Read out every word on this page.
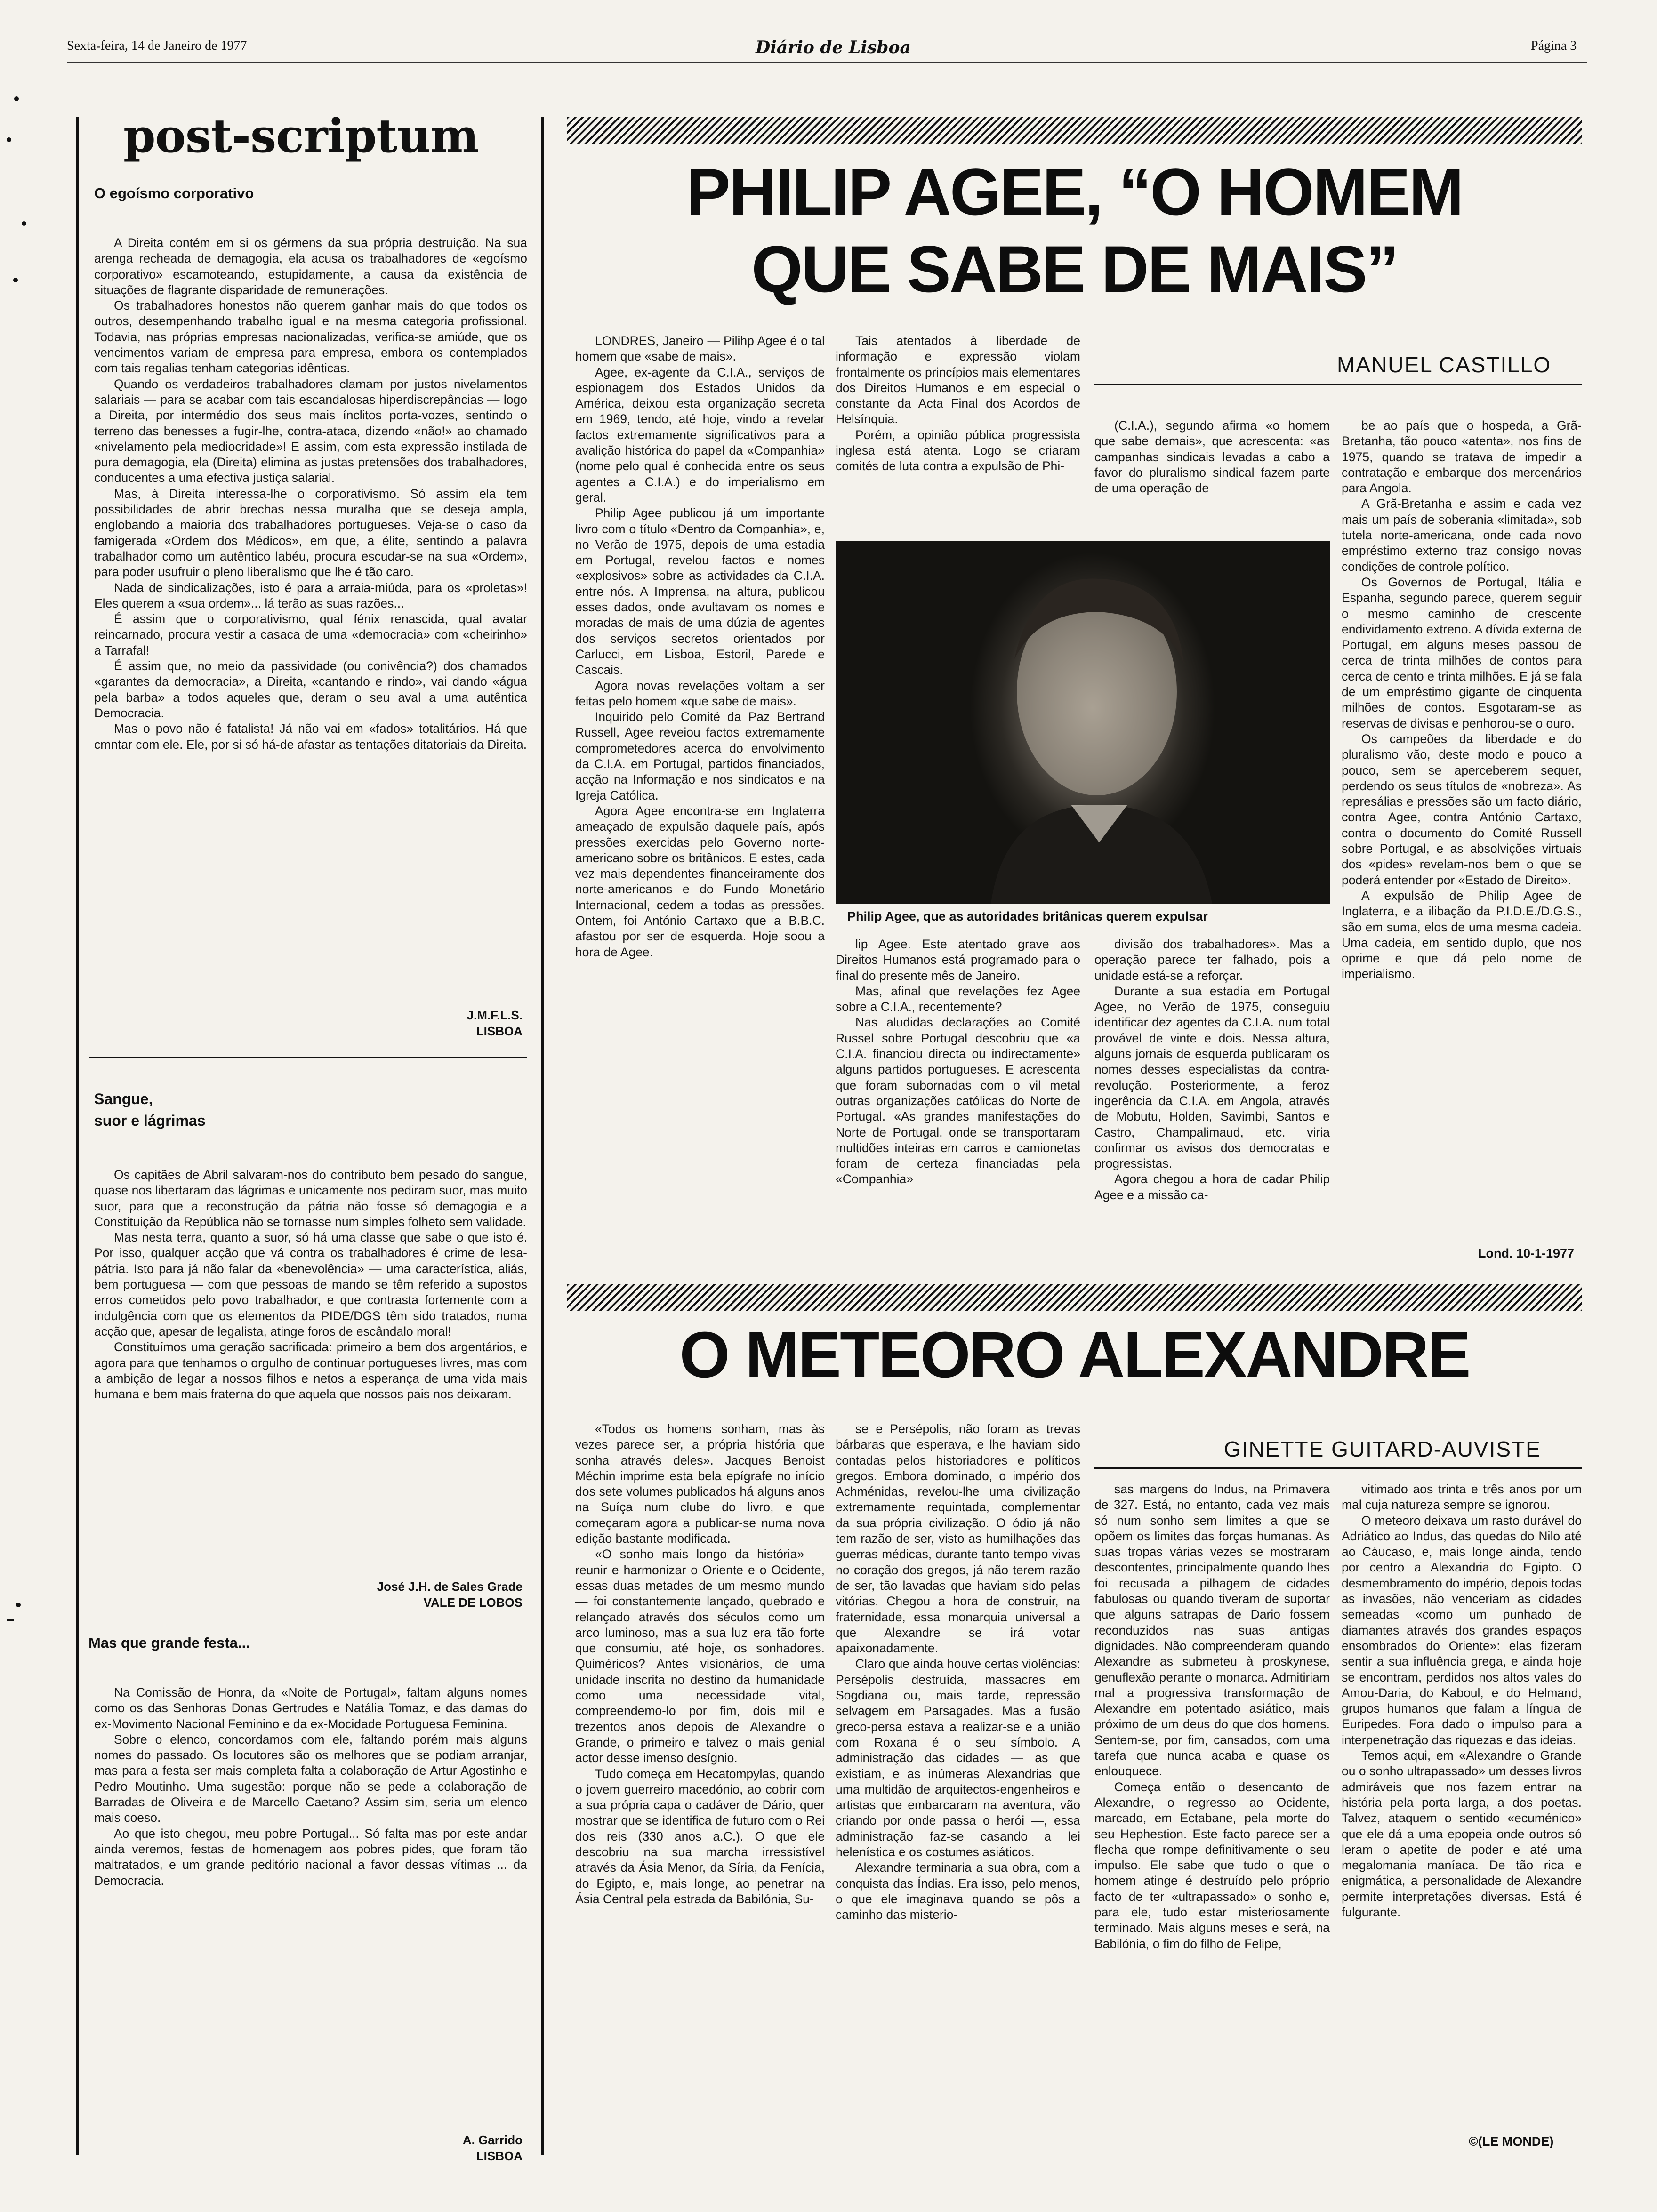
Sexta-feira, 14 de Janeiro de 1977	Diário de Lisboa	Página 3
post-scriptum
O egoísmo corporativo

A Direita contém em si os gérmens da sua própria destruição. Na sua arenga recheada de demagogia, ela acusa os trabalhadores de «egoísmo corporativo» escamoteando, estupidamente, a causa da existência de situações de flagrante disparidade de remunerações.

Os trabalhadores honestos não querem ganhar mais do que todos os outros, desempenhando trabalho igual e na mesma categoria profissional. Todavia, nas próprias empresas nacionalizadas, verifica-se amiúde, que os vencimentos variam de empresa para empresa, embora os contemplados com tais regalias tenham categorias idênticas.

Quando os verdadeiros trabalhadores clamam por justos nivelamentos salariais — para se acabar com tais escandalosas hiperdiscrepâncias — logo a Direita, por intermédio dos seus mais ínclitos porta-vozes, sentindo o terreno das benesses a fugir-lhe, contra-ataca, dizendo «não!» ao chamado «nivelamento pela mediocridade»! E assim, com esta expressão instilada de pura demagogia, ela (Direita) elimina as justas pretensões dos trabalhadores, conducentes a uma efectiva justiça salarial.

Mas, à Direita interessa-lhe o corporativismo. Só assim ela tem possibilidades de abrir brechas nessa muralha que se deseja ampla, englobando a maioria dos trabalhadores portugueses. Veja-se o caso da famigerada «Ordem dos Médicos», em que, a élite, sentindo a palavra trabalhador como um autêntico labéu, procura escudar-se na sua «Ordem», para poder usufruir o pleno liberalismo que lhe é tão caro.

Nada de sindicalizações, isto é para a arraia-miúda, para os «proletas»! Eles querem a «sua ordem»... lá terão as suas razões...

É assim que o corporativismo, qual fénix renascida, qual avatar reincarnado, procura vestir a casaca de uma «democracia» com «cheirinho» a Tarrafal!

É assim que, no meio da passividade (ou conivência?) dos chamados «garantes da democracia», a Direita, «cantando e rindo», vai dando «água pela barba» a todos aqueles que, deram o seu aval a uma autêntica Democracia.

Mas o povo não é fatalista! Já não vai em «fados» totalitários. Há que cmntar com ele. Ele, por si só há-de afastar as tentações ditatoriais da Direita.

J.M.F.L.S.
LISBOA
Sangue,
suor e lágrimas

Os capitães de Abril salvaram-nos do contributo bem pesado do sangue, quase nos libertaram das lágrimas e unicamente nos pediram suor, mas muito suor, para que a reconstrução da pátria não fosse só demagogia e a Constituição da República não se tornasse num simples folheto sem validade.

Mas nesta terra, quanto a suor, só há uma classe que sabe o que isto é. Por isso, qualquer acção que vá contra os trabalhadores é crime de lesa-pátria. Isto para já não falar da «benevolência» — uma característica, aliás, bem portuguesa — com que pessoas de mando se têm referido a supostos erros cometidos pelo povo trabalhador, e que contrasta fortemente com a indulgência com que os elementos da PIDE/DGS têm sido tratados, numa acção que, apesar de legalista, atinge foros de escândalo moral!

Constituímos uma geração sacrificada: primeiro a bem dos argentários, e agora para que tenhamos o orgulho de continuar portugueses livres, mas com a ambição de legar a nossos filhos e netos a esperança de uma vida mais humana e bem mais fraterna do que aquela que nossos pais nos deixaram.

José J.H. de Sales Grade
VALE DE LOBOS
Mas que grande festa...

Na Comissão de Honra, da «Noite de Portugal», faltam alguns nomes como os das Senhoras Donas Gertrudes e Natália Tomaz, e das damas do ex-Movimento Nacional Feminino e da ex-Mocidade Portuguesa Feminina.

Sobre o elenco, concordamos com ele, faltando porém mais alguns nomes do passado. Os locutores são os melhores que se podiam arranjar, mas para a festa ser mais completa falta a colaboração de Artur Agostinho e Pedro Moutinho. Uma sugestão: porque não se pede a colaboração de Barradas de Oliveira e de Marcello Caetano? Assim sim, seria um elenco mais coeso.

Ao que isto chegou, meu pobre Portugal... Só falta mas por este andar ainda veremos, festas de homenagem aos pobres pides, que foram tão maltratados, e um grande peditório nacional a favor dessas vítimas ... da Democracia.

A. Garrido
LISBOA
PHILIP AGEE, “O HOMEM
QUE SABE DE MAIS”

LONDRES, Janeiro — Pilihp Agee é o tal homem que «sabe de mais».

Agee, ex-agente da C.I.A., serviços de espionagem dos Estados Unidos da América, deixou esta organização secreta em 1969, tendo, até hoje, vindo a revelar factos extremamente significativos para a avalição histórica do papel da «Companhia» (nome pelo qual é conhecida entre os seus agentes a C.I.A.) e do imperialismo em geral.

Philip Agee publicou já um importante livro com o título «Dentro da Companhia», e, no Verão de 1975, depois de uma estadia em Portugal, revelou factos e nomes «explosivos» sobre as actividades da C.I.A. entre nós. A Imprensa, na altura, publicou esses dados, onde avultavam os nomes e moradas de mais de uma dúzia de agentes dos serviços secretos orientados por Carlucci, em Lisboa, Estoril, Parede e Cascais.

Agora novas revelações voltam a ser feitas pelo homem «que sabe de mais».

Inquirido pelo Comité da Paz Bertrand Russell, Agee reveiou factos extremamente comprometedores acerca do envolvimento da C.I.A. em Portugal, partidos financiados, acção na Informação e nos sindicatos e na Igreja Católica.

Agora Agee encontra-se em Inglaterra ameaçado de expulsão daquele país, após pressões exercidas pelo Governo norte-americano sobre os britânicos. E estes, cada vez mais dependentes financeiramente dos norte-americanos e do Fundo Monetário Internacional, cedem a todas as pressões. Ontem, foi António Cartaxo que a B.B.C. afastou por ser de esquerda. Hoje soou a hora de Agee.

Tais atentados à liberdade de informação e expressão violam frontalmente os princípios mais elementares dos Direitos Humanos e em especial o constante da Acta Final dos Acordos de Helsínquia.

Porém, a opinião pública progressista inglesa está atenta. Logo se criaram comités de luta contra a expulsão de Phi-

MANUEL CASTILLO

(C.I.A.), segundo afirma «o homem que sabe demais», que acrescenta: «as campanhas sindicais levadas a cabo a favor do pluralismo sindical fazem parte de uma operação de

Philip Agee, que as autoridades britânicas querem expulsar

lip Agee. Este atentado grave aos Direitos Humanos está programado para o final do presente mês de Janeiro.

Mas, afinal que revelações fez Agee sobre a C.I.A., recentemente?

Nas aludidas declarações ao Comité Russel sobre Portugal descobriu que «a C.I.A. financiou directa ou indirectamente» alguns partidos portugueses. E acrescenta que foram subornadas com o vil metal outras organizações católicas do Norte de Portugal. «As grandes manifestações do Norte de Portugal, onde se transportaram multidões inteiras em carros e camionetas foram de certeza financiadas pela «Companhia»

divisão dos trabalhadores». Mas a operação parece ter falhado, pois a unidade está-se a reforçar.

Durante a sua estadia em Portugal Agee, no Verão de 1975, conseguiu identificar dez agentes da C.I.A. num total provável de vinte e dois. Nessa altura, alguns jornais de esquerda publicaram os nomes desses especialistas da contra-revolução. Posteriormente, a feroz ingerência da C.I.A. em Angola, através de Mobutu, Holden, Savimbi, Santos e Castro, Champalimaud, etc. viria confirmar os avisos dos democratas e progressistas.

Agora chegou a hora de cadar Philip Agee e a missão ca-

be ao país que o hospeda, a Grã-Bretanha, tão pouco «atenta», nos fins de 1975, quando se tratava de impedir a contratação e embarque dos mercenários para Angola.

A Grã-Bretanha e assim e cada vez mais um país de soberania «limitada», sob tutela norte-americana, onde cada novo empréstimo externo traz consigo novas condições de controle político.

Os Governos de Portugal, Itália e Espanha, segundo parece, querem seguir o mesmo caminho de crescente endividamento extreno. A dívida externa de Portugal, em alguns meses passou de cerca de trinta milhões de contos para cerca de cento e trinta milhões. E já se fala de um empréstimo gigante de cinquenta milhões de contos. Esgotaram-se as reservas de divisas e penhorou-se o ouro.

Os campeões da liberdade e do pluralismo vão, deste modo e pouco a pouco, sem se aperceberem sequer, perdendo os seus títulos de «nobreza». As represálias e pressões são um facto diário, contra Agee, contra António Cartaxo, contra o documento do Comité Russell sobre Portugal, e as absolvições virtuais dos «pides» revelam-nos bem o que se poderá entender por «Estado de Direito».

A expulsão de Philip Agee de Inglaterra, e a ilibação da P.I.D.E./D.G.S., são em suma, elos de uma mesma cadeia. Uma cadeia, em sentido duplo, que nos oprime e que dá pelo nome de imperialismo.

Lond. 10-1-1977
O METEORO ALEXANDRE
GINETTE GUITARD-AUVISTE

«Todos os homens sonham, mas às vezes parece ser, a própria história que sonha através deles». Jacques Benoist Méchin imprime esta bela epígrafe no início dos sete volumes publicados há alguns anos na Suíça num clube do livro, e que começaram agora a publicar-se numa nova edição bastante modificada.

«O sonho mais longo da história» — reunir e harmonizar o Oriente e o Ocidente, essas duas metades de um mesmo mundo — foi constantemente lançado, quebrado e relançado através dos séculos como um arco luminoso, mas a sua luz era tão forte que consumiu, até hoje, os sonhadores. Quiméricos? Antes visionários, de uma unidade inscrita no destino da humanidade como uma necessidade vital, compreendemo-lo por fim, dois mil e trezentos anos depois de Alexandre o Grande, o primeiro e talvez o mais genial actor desse imenso desígnio.

Tudo começa em Hecatompylas, quando o jovem guerreiro macedónio, ao cobrir com a sua própria capa o cadáver de Dário, quer mostrar que se identifica de futuro com o Rei dos reis (330 anos a.C.). O que ele descobriu na sua marcha irressistível através da Ásia Menor, da Síria, da Fenícia, do Egipto, e, mais longe, ao penetrar na Ásia Central pela estrada da Babilónia, Su-

se e Persépolis, não foram as trevas bárbaras que esperava, e lhe haviam sido contadas pelos historiadores e políticos gregos. Embora dominado, o império dos Achménidas, revelou-lhe uma civilização extremamente requintada, complementar da sua própria civilização. O ódio já não tem razão de ser, visto as humilhações das guerras médicas, durante tanto tempo vivas no coração dos gregos, já não terem razão de ser, tão lavadas que haviam sido pelas vitórias. Chegou a hora de construir, na fraternidade, essa monarquia universal a que Alexandre se irá votar apaixonadamente.

Claro que ainda houve certas violências: Persépolis destruída, massacres em Sogdiana ou, mais tarde, repressão selvagem em Parsagades. Mas a fusão greco-persa estava a realizar-se e a união com Roxana é o seu símbolo. A administração das cidades — as que existiam, e as inúmeras Alexandrias que uma multidão de arquitectos-engenheiros e artistas que embarcaram na aventura, vão criando por onde passa o herói —, essa administração faz-se casando a lei helenística e os costumes asiáticos.

Alexandre terminaria a sua obra, com a conquista das Índias. Era isso, pelo menos, o que ele imaginava quando se pôs a caminho das misterio-

sas margens do Indus, na Primavera de 327. Está, no entanto, cada vez mais só num sonho sem limites a que se opõem os limites das forças humanas. As suas tropas várias vezes se mostraram descontentes, principalmente quando lhes foi recusada a pilhagem de cidades fabulosas ou quando tiveram de suportar que alguns satrapas de Dario fossem reconduzidos nas suas antigas dignidades. Não compreenderam quando Alexandre as submeteu à proskynese, genuflexão perante o monarca. Admitiriam mal a progressiva transformação de Alexandre em potentado asiático, mais próximo de um deus do que dos homens. Sentem-se, por fim, cansados, com uma tarefa que nunca acaba e quase os enlouquece.

Começa então o desencanto de Alexandre, o regresso ao Ocidente, marcado, em Ectabane, pela morte do seu Hephestion. Este facto parece ser a flecha que rompe definitivamente o seu impulso. Ele sabe que tudo o que o homem atinge é destruído pelo próprio facto de ter «ultrapassado» o sonho e, para ele, tudo estar misteriosamente terminado. Mais alguns meses e será, na Babilónia, o fim do filho de Felipe,

vitimado aos trinta e três anos por um mal cuja natureza sempre se ignorou.

O meteoro deixava um rasto durável do Adriático ao Indus, das quedas do Nilo até ao Cáucaso, e, mais longe ainda, tendo por centro a Alexandria do Egipto. O desmembramento do império, depois todas as invasões, não venceriam as cidades semeadas «como um punhado de diamantes através dos grandes espaços ensombrados do Oriente»: elas fizeram sentir a sua influência grega, e ainda hoje se encontram, perdidos nos altos vales do Amou-Daria, do Kaboul, e do Helmand, grupos humanos que falam a língua de Euripedes. Fora dado o impulso para a interpenetração das riquezas e das ideias.

Temos aqui, em «Alexandre o Grande ou o sonho ultrapassado» um desses livros admiráveis que nos fazem entrar na história pela porta larga, a dos poetas. Talvez, ataquem o sentido «ecuménico» que ele dá a uma epopeia onde outros só leram o apetite de poder e até uma megalomania maníaca. De tão rica e enigmática, a personalidade de Alexandre permite interpretações diversas. Está é fulgurante.

©(LE MONDE)
